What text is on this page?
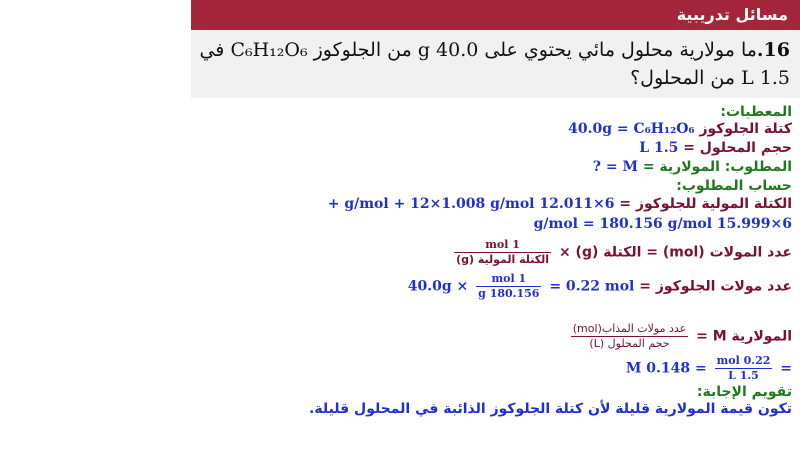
مسائل تدريبية
16.ما مولارية محلول مائي يحتوي على 40.0 g من الجلوكوز C₆H₁₂O₆ في 1.5 L من المحلول؟
المعطيات:
كتلة الجلوكوز 40.0g = C₆H₁₂O₆
حجم المحلول = 1.5 L
المطلوب: المولارية = M = ?
حساب المطلوب:
الكتلة المولية للجلوكوز = 6×12.011 g/mol + 12×1.008 g/mol +
6×15.999 g/mol = 180.156 g/mol
عدد المولات (mol) = الكتلة (g) ×
$\frac{\text{1 mol}}{\text{الكتلة المولية (g)}}$
عدد مولات الجلوكوز = $40.0g \times \frac{\text{1 mol}}{180.156 g} = 0.22$ mol
المولارية M =
$\frac{\text{عدد مولات المذاب(mol)}}{\text{حجم المحلول (L)}}$
=
$\frac{\text{0.22 mol}}{1.5 L}$
= 0.148 M
تقويم الإجابة:
تكون قيمة المولارية قليلة لأن كتلة الجلوكوز الذائبة في المحلول قليلة.
